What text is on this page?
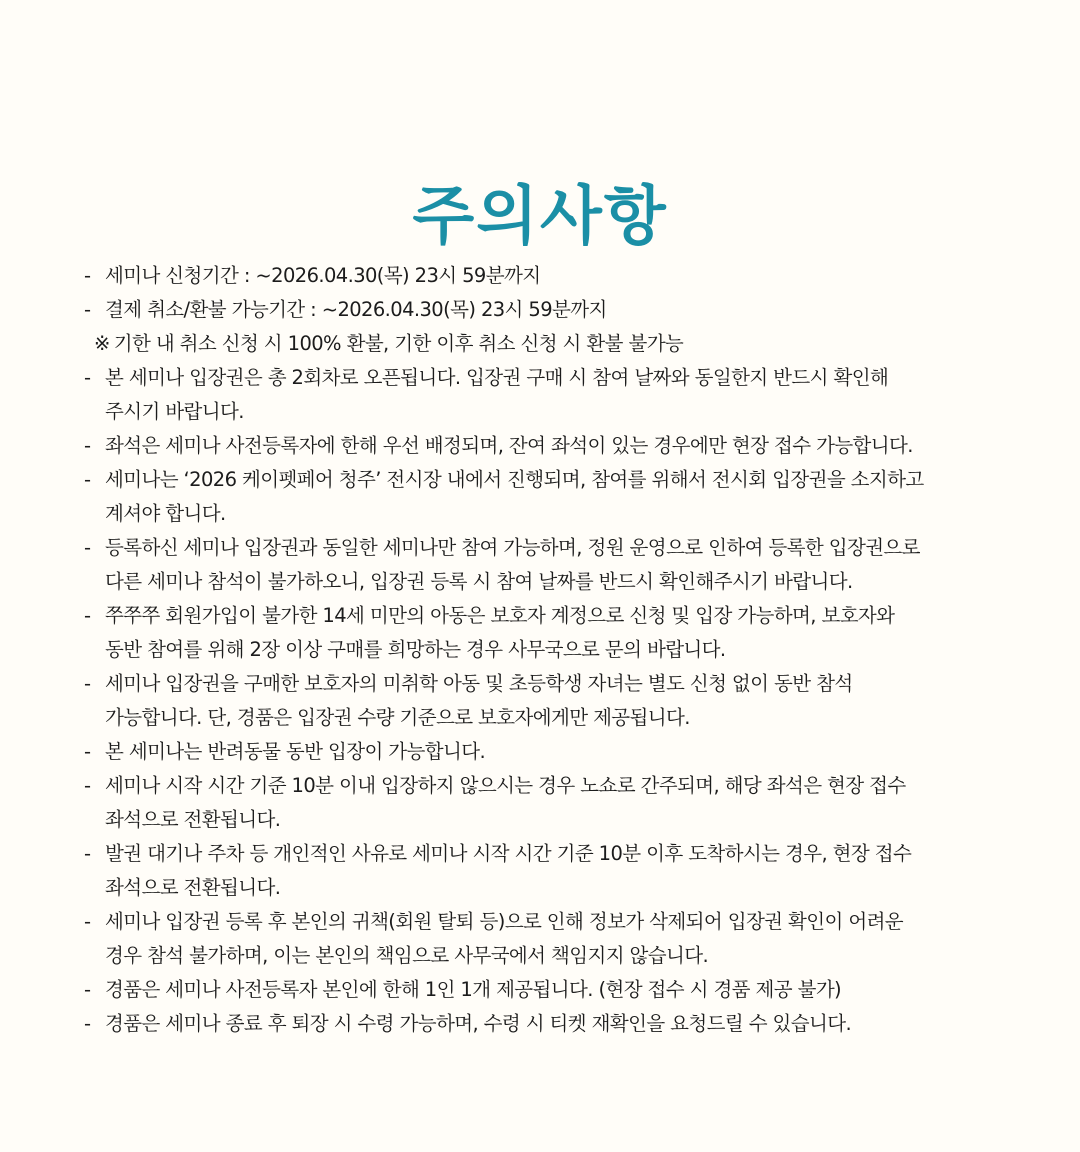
주의사항
- 세미나 신청기간 : ~2026.04.30(목) 23시 59분까지
- 결제 취소/환불 가능기간 : ~2026.04.30(목) 23시 59분까지
※ 기한 내 취소 신청 시 100% 환불, 기한 이후 취소 신청 시 환불 불가능
- 본 세미나 입장권은 총 2회차로 오픈됩니다. 입장권 구매 시 참여 날짜와 동일한지 반드시 확인해
주시기 바랍니다.
- 좌석은 세미나 사전등록자에 한해 우선 배정되며, 잔여 좌석이 있는 경우에만 현장 접수 가능합니다.
- 세미나는 ‘2026 케이펫페어 청주’ 전시장 내에서 진행되며, 참여를 위해서 전시회 입장권을 소지하고
계셔야 합니다.
- 등록하신 세미나 입장권과 동일한 세미나만 참여 가능하며, 정원 운영으로 인하여 등록한 입장권으로
다른 세미나 참석이 불가하오니, 입장권 등록 시 참여 날짜를 반드시 확인해주시기 바랍니다.
- 쭈쭈쭈 회원가입이 불가한 14세 미만의 아동은 보호자 계정으로 신청 및 입장 가능하며, 보호자와
동반 참여를 위해 2장 이상 구매를 희망하는 경우 사무국으로 문의 바랍니다.
- 세미나 입장권을 구매한 보호자의 미취학 아동 및 초등학생 자녀는 별도 신청 없이 동반 참석
가능합니다. 단, 경품은 입장권 수량 기준으로 보호자에게만 제공됩니다.
- 본 세미나는 반려동물 동반 입장이 가능합니다.
- 세미나 시작 시간 기준 10분 이내 입장하지 않으시는 경우 노쇼로 간주되며, 해당 좌석은 현장 접수
좌석으로 전환됩니다.
- 발권 대기나 주차 등 개인적인 사유로 세미나 시작 시간 기준 10분 이후 도착하시는 경우, 현장 접수
좌석으로 전환됩니다.
- 세미나 입장권 등록 후 본인의 귀책(회원 탈퇴 등)으로 인해 정보가 삭제되어 입장권 확인이 어려운
경우 참석 불가하며, 이는 본인의 책임으로 사무국에서 책임지지 않습니다.
- 경품은 세미나 사전등록자 본인에 한해 1인 1개 제공됩니다. (현장 접수 시 경품 제공 불가)
- 경품은 세미나 종료 후 퇴장 시 수령 가능하며, 수령 시 티켓 재확인을 요청드릴 수 있습니다.
